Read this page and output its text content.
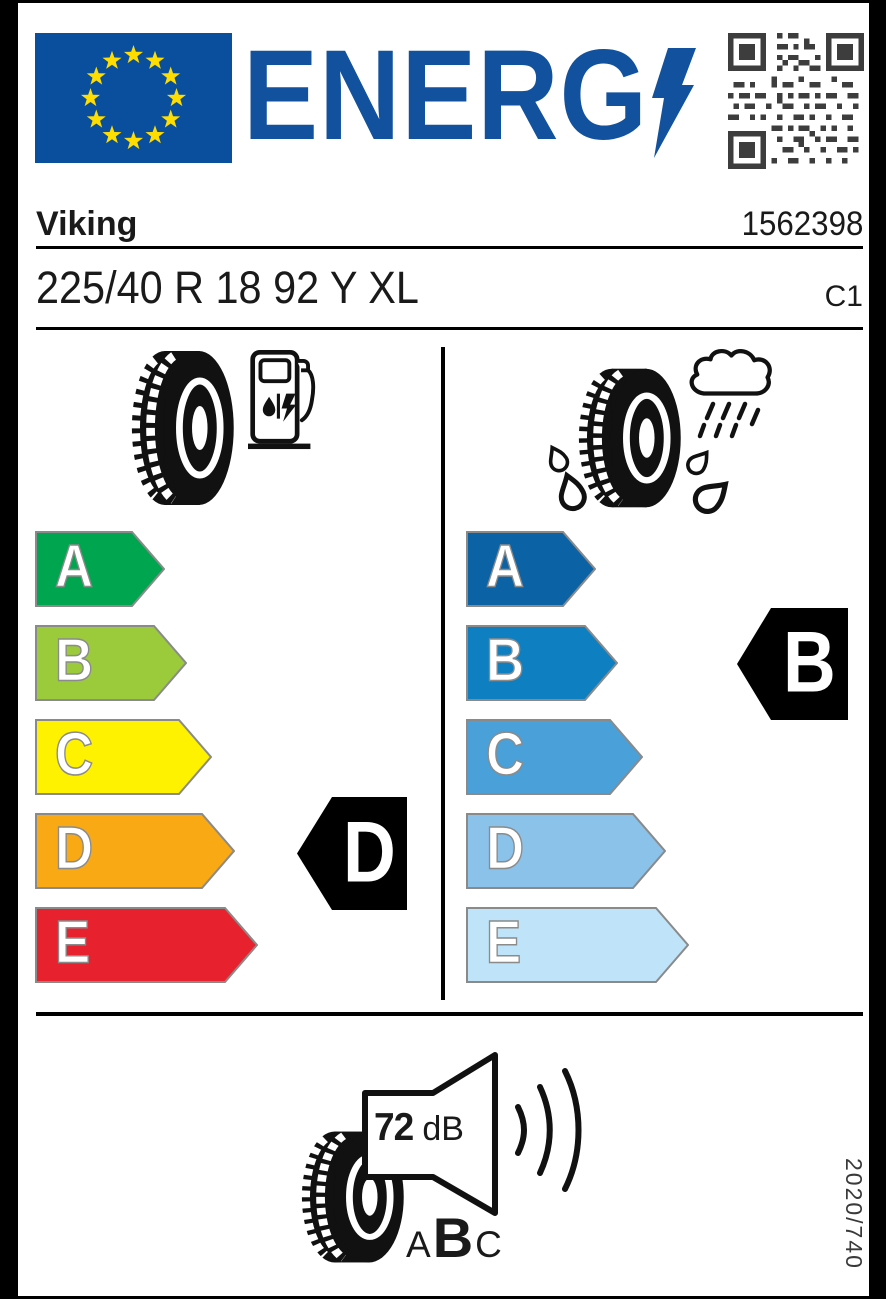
ENERG
Viking	1562398
225/40 R 18 92 Y XL	C1
A
B
C
D
E
A
B
C
D
E
D
B
72 dB
A B C	2020/740
